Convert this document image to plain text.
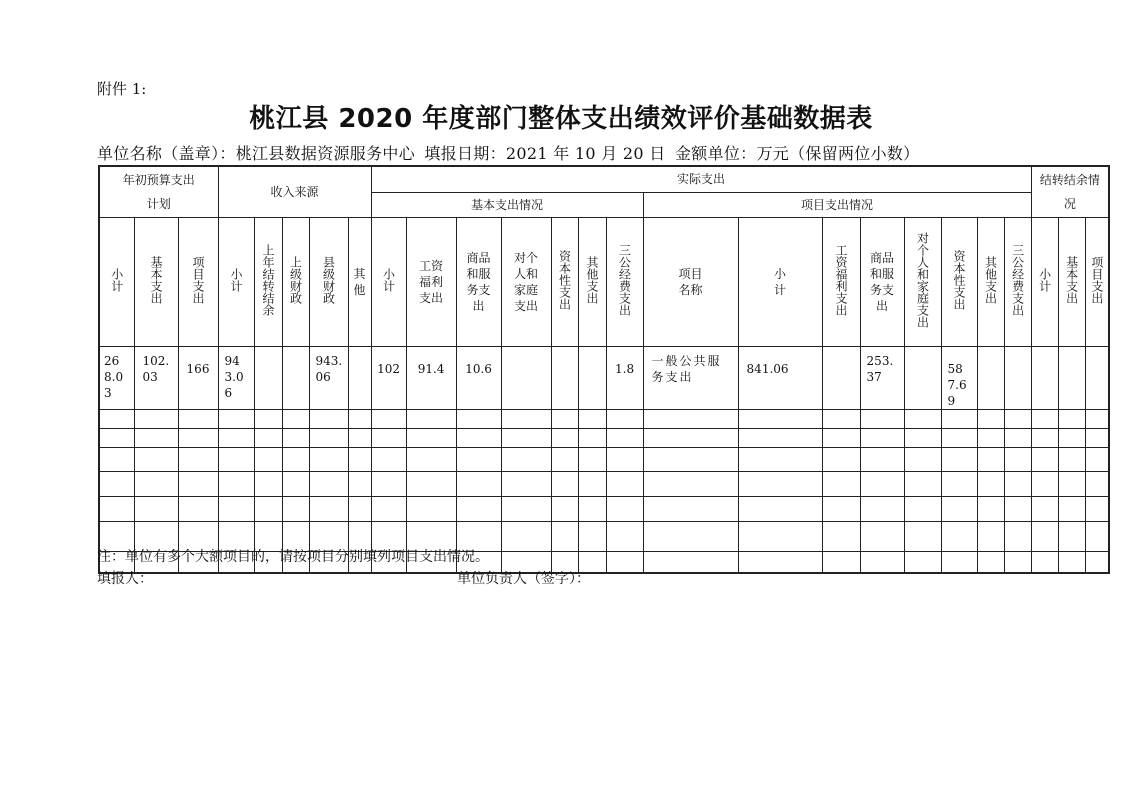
附件 1:
桃江县 2020 年度部门整体支出绩效评价基础数据表
单位名称（盖章）：桃江县数据资源服务中心 填报日期：2021 年 10 月 20 日 金额单位：万元（保留两位小数）
年初预算支出计划			收入来源					实际支出															结转结余情况		

								基本支出情况							项目支出情况										
小计	基本支出	项目支出	小计	上年结转结余	上级财政	县级财政	其他	小计	工资福利支出	商品和服务支出	对个人和家庭支出	资本性支出	其他支出	三公经费支出	项目名称	小计	工资福利支出	商品和服务支出	对个人和家庭支出	资本性支出	其他支出	三公经费支出	小计	基本支出	项目支出

268.03	102.03	166	943.06			943.06		102	91.4	10.6				1.8	一般公共服务支出	841.06		253.37		587.69					

注：单位有多个大额项目的，请按项目分别填列项目支出情况。
填报人：	单位负责人（签字）：
